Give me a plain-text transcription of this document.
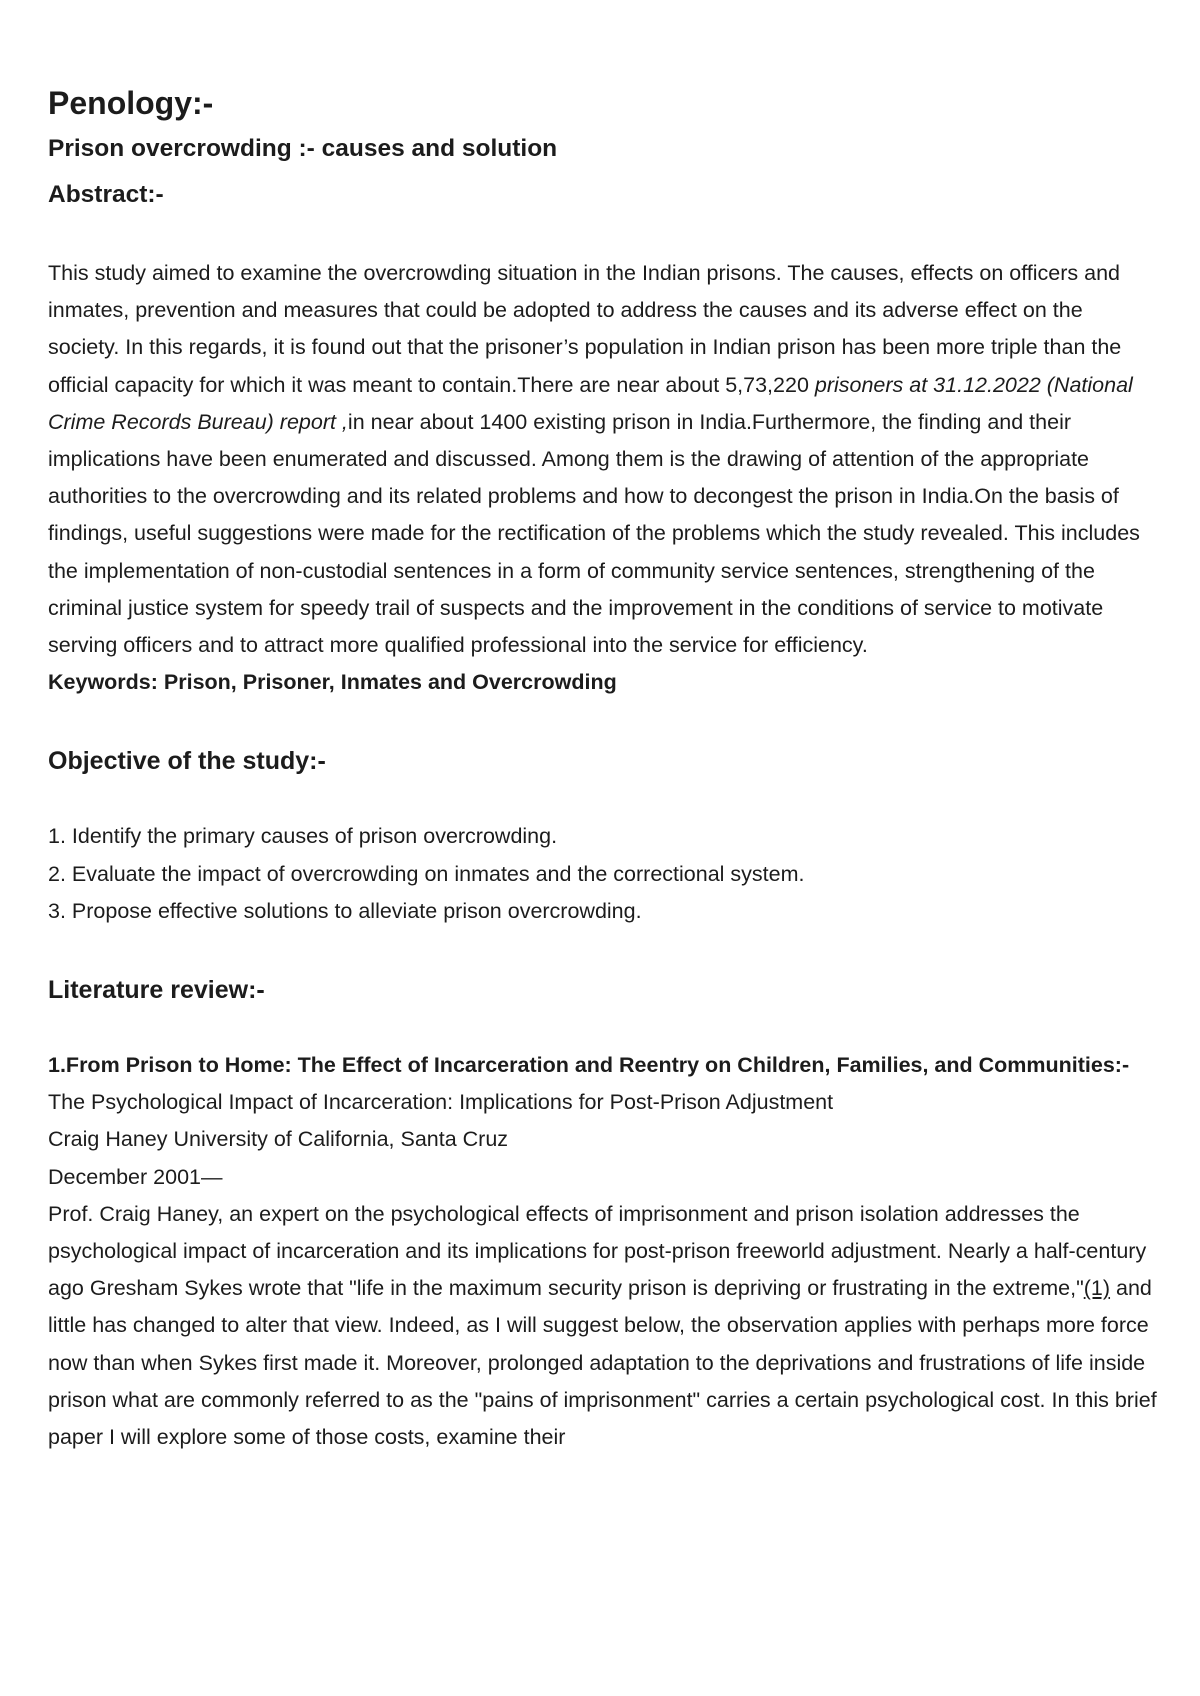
Penology:-
Prison overcrowding :- causes and solution
Abstract:-

This study aimed to examine the overcrowding situation in the Indian prisons. The causes, effects on officers and inmates, prevention and measures that could be adopted to address the causes and its adverse effect on the society. In this regards, it is found out that the prisoner’s population in Indian prison has been more triple than the official capacity for which it was meant to contain.There are near about 5,73,220 prisoners at 31.12.2022 (National Crime Records Bureau) report ,in near about 1400 existing prison in India.Furthermore, the finding and their implications have been enumerated and discussed. Among them is the drawing of attention of the appropriate authorities to the overcrowding and its related problems and how to decongest the prison in India.On the basis of findings, useful suggestions were made for the rectification of the problems which the study revealed. This includes the implementation of non-custodial sentences in a form of community service sentences, strengthening of the criminal justice system for speedy trail of suspects and the improvement in the conditions of service to motivate serving officers and to attract more qualified professional into the service for efficiency.

Keywords: Prison, Prisoner, Inmates and Overcrowding

Objective of the study:-
1. Identify the primary causes of prison overcrowding.
2. Evaluate the impact of overcrowding on inmates and the correctional system.
3. Propose effective solutions to alleviate prison overcrowding.
Literature review:-

1.From Prison to Home: The Effect of Incarceration and Reentry on Children, Families, and Communities:-

The Psychological Impact of Incarceration: Implications for Post-Prison Adjustment

Craig Haney University of California, Santa Cruz

December 2001—

Prof. Craig Haney, an expert on the psychological effects of imprisonment and prison isolation addresses the psychological impact of incarceration and its implications for post-prison freeworld adjustment. Nearly a half-century ago Gresham Sykes wrote that "life in the maximum security prison is depriving or frustrating in the extreme,"(1) and little has changed to alter that view. Indeed, as I will suggest below, the observation applies with perhaps more force now than when Sykes first made it. Moreover, prolonged adaptation to the deprivations and frustrations of life inside prison what are commonly referred to as the "pains of imprisonment" carries a certain psychological cost. In this brief paper I will explore some of those costs, examine their
